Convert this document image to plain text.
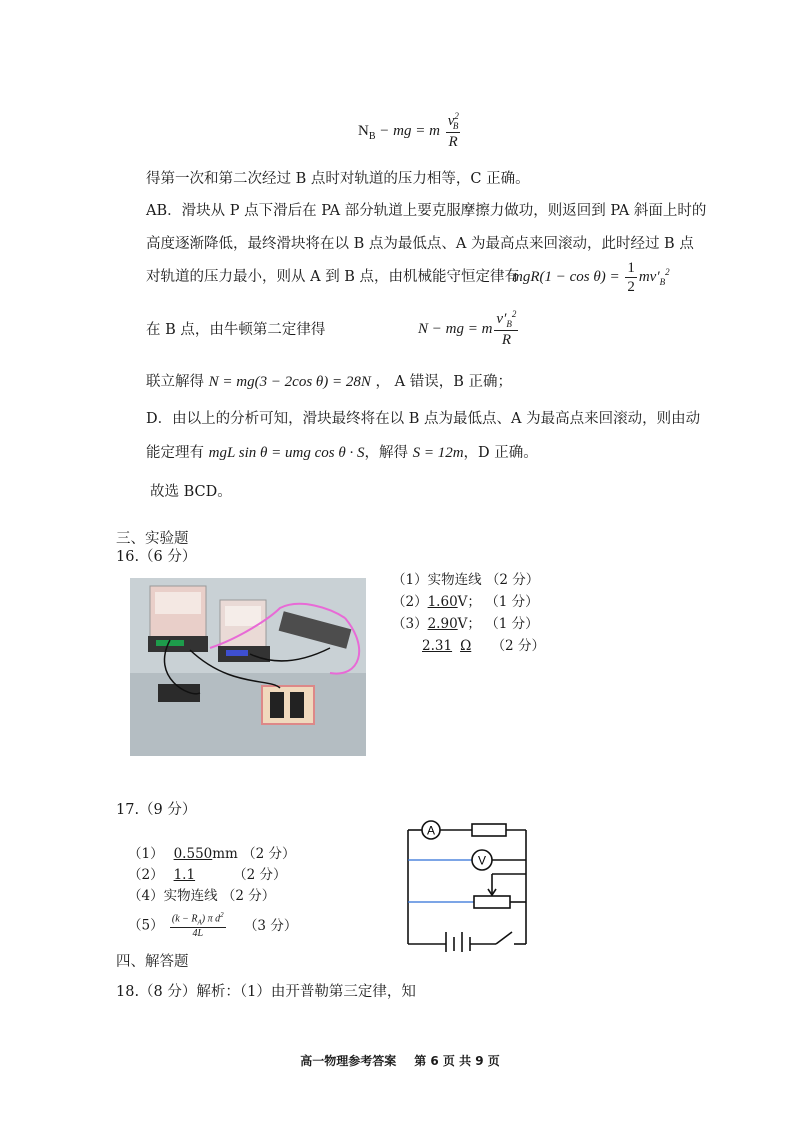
$N_B$ − mg = m $\frac{v^2_B}{R}$
得第一次和第二次经过 B 点时对轨道的压力相等，C 正确。
AB．滑块从 P 点下滑后在 PA 部分轨道上要克服摩擦力做功，则返回到 PA 斜面上时的
高度逐渐降低，最终滑块将在以 B 点为最低点、A 为最高点来回滚动，此时经过 B 点
对轨道的压力最小，则从 A 到 B 点，由机械能守恒定律有
$mgR(1 - \cos \theta) = \frac{1}{2} mv'_B^2$
在 B 点，由牛顿第二定律得	N − mg = m $\frac{v'_B^2}{R}$
联立解得 N = mg(3 − 2cos θ) = 28N ， A 错误，B 正确；
D．由以上的分析可知，滑块最终将在以 B 点为最低点、A 为最高点来回滚动，则由动
能定理有 mgL sin θ = umg cos θ · S，解得 S = 12m，D 正确。
故选 BCD。
三、实验题
16.（6 分）
（1）实物连线 （2 分）
（2）1.60V； （1 分）
（3）2.90V； （1 分）
2.31 Ω （2 分）
17.（9 分）
（1） 0.550mm （2 分）
（2） 1.1	（2 分）
（4）实物连线 （2 分）
$(5) \frac{(k - R_A) \pi d^2}{4L} (3$ 分）
A
V
四、解答题
18.（8 分）解析：（1）由开普勒第三定律，知
高一物理参考答案 第 6 页 共 9 页
